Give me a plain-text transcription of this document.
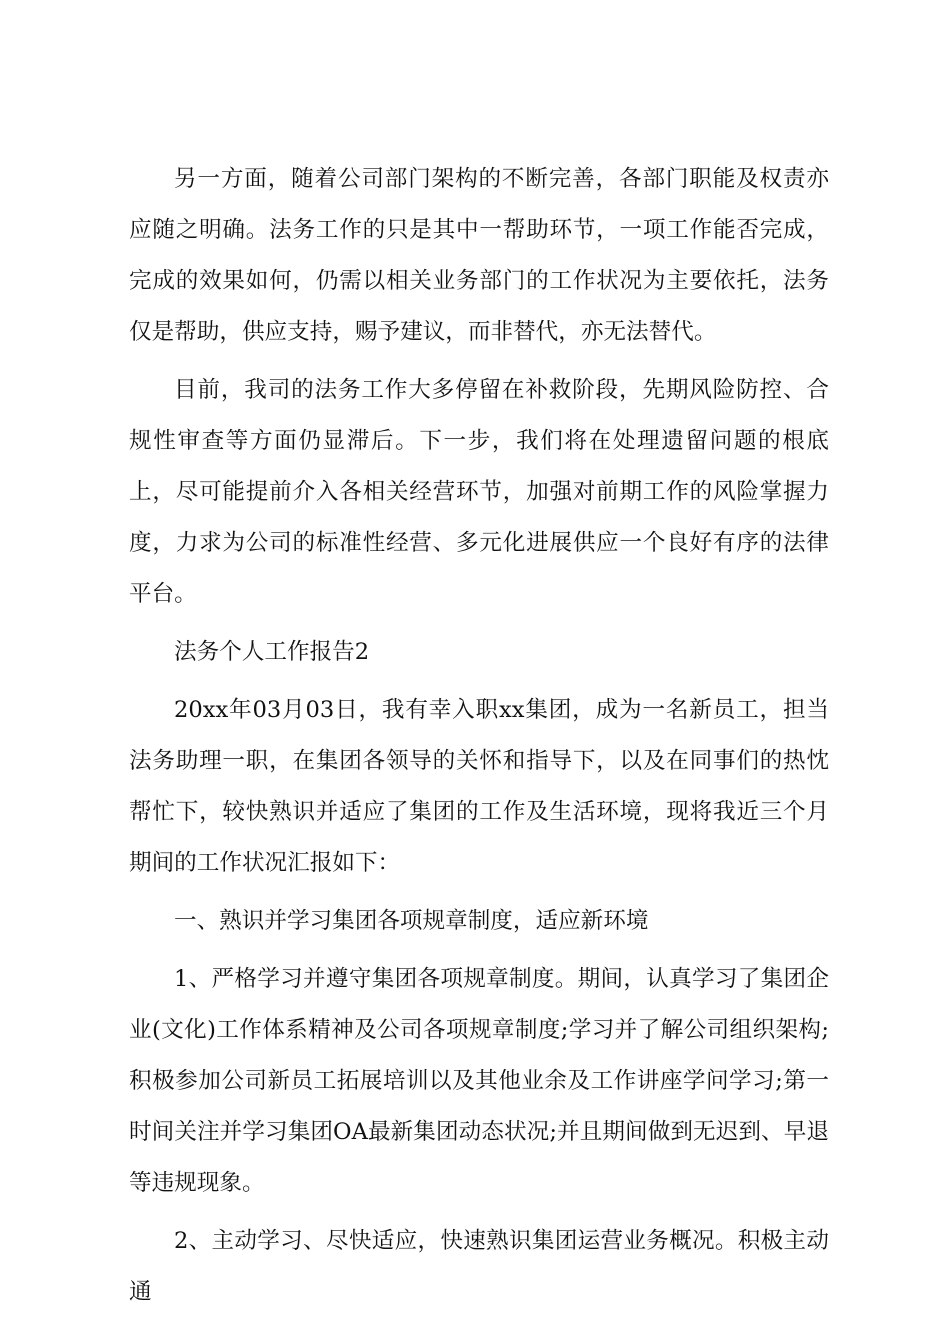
另一方面，随着公司部门架构的不断完善，各部门职能及权责亦应随之明确。法务工作的只是其中一帮助环节，一项工作能否完成，完成的效果如何，仍需以相关业务部门的工作状况为主要依托，法务仅是帮助，供应支持，赐予建议，而非替代，亦无法替代。

目前，我司的法务工作大多停留在补救阶段，先期风险防控、合规性审查等方面仍显滞后。下一步，我们将在处理遗留问题的根底上，尽可能提前介入各相关经营环节，加强对前期工作的风险掌握力度，力求为公司的标准性经营、多元化进展供应一个良好有序的法律平台。

法务个人工作报告2

20xx年03月03日，我有幸入职xx集团，成为一名新员工，担当法务助理一职，在集团各领导的关怀和指导下，以及在同事们的热忱帮忙下，较快熟识并适应了集团的工作及生活环境，现将我近三个月期间的工作状况汇报如下：

一、熟识并学习集团各项规章制度，适应新环境

1、严格学习并遵守集团各项规章制度。期间，认真学习了集团企业(文化)工作体系精神及公司各项规章制度;学习并了解公司组织架构;积极参加公司新员工拓展培训以及其他业余及工作讲座学问学习;第一时间关注并学习集团OA最新集团动态状况;并且期间做到无迟到、早退等违规现象。

2、主动学习、尽快适应，快速熟识集团运营业务概况。积极主动通
